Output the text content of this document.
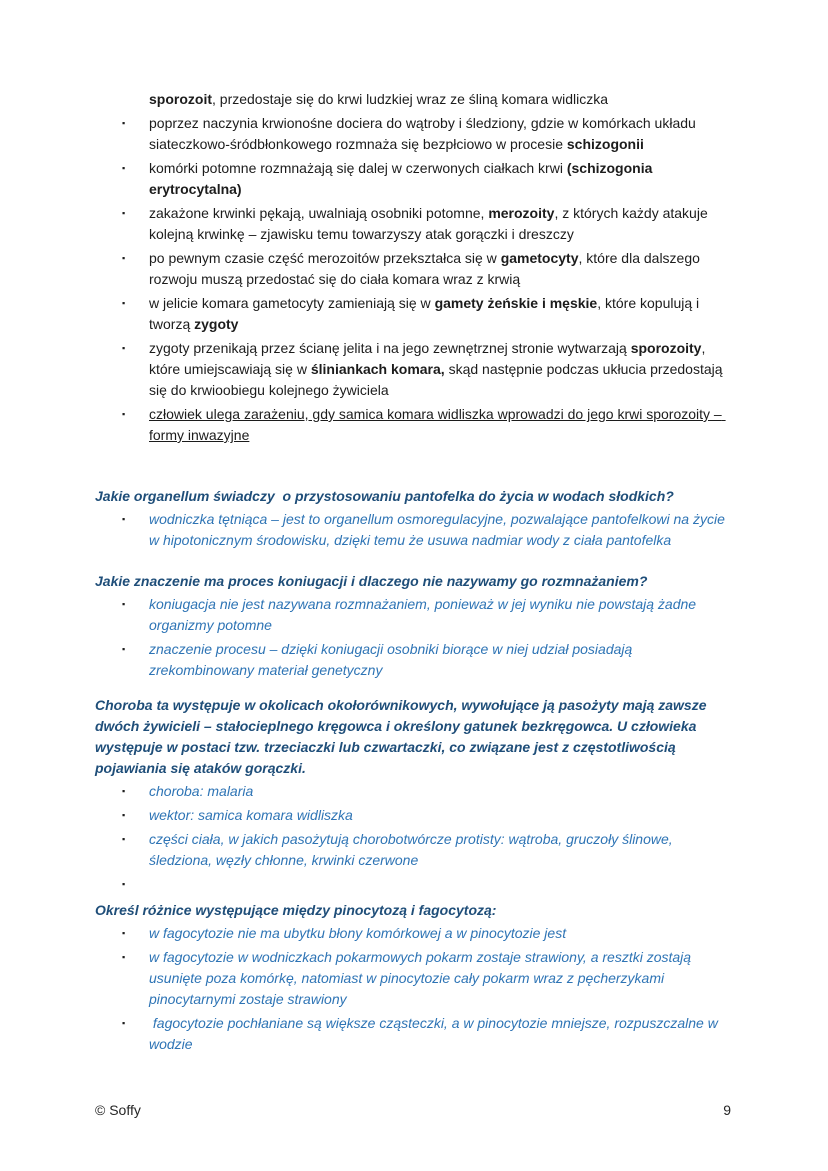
sporozoit, przedostaje się do krwi ludzkiej wraz ze śliną komara widliczka
▪	poprzez naczynia krwionośne dociera do wątroby i śledziony, gdzie w komórkach układu siateczkowo-śródbłonkowego rozmnaża się bezpłciowo w procesie schizogonii
▪	komórki potomne rozmnażają się dalej w czerwonych ciałkach krwi (schizogonia erytrocytalna)
▪	zakażone krwinki pękają, uwalniają osobniki potomne, merozoity, z których każdy atakuje kolejną krwinkę – zjawisku temu towarzyszy atak gorączki i dreszczy
▪	po pewnym czasie część merozoitów przekształca się w gametocyty, które dla dalszego rozwoju muszą przedostać się do ciała komara wraz z krwią
▪	w jelicie komara gametocyty zamieniają się w gamety żeńskie i męskie, które kopulują i tworzą zygoty
▪	zygoty przenikają przez ścianę jelita i na jego zewnętrznej stronie wytwarzają sporozoity, które umiejscawiają się w śliniankach komara, skąd następnie podczas ukłucia przedostają się do krwioobiegu kolejnego żywiciela
▪	człowiek ulega zarażeniu, gdy samica komara widliszka wprowadzi do jego krwi sporozoity – formy inwazyjne

Jakie organellum świadczy  o przystosowaniu pantofelka do życia w wodach słodkich?

▪	wodniczka tętniąca – jest to organellum osmoregulacyjne, pozwalające pantofelkowi na życie w hipotonicznym środowisku, dzięki temu że usuwa nadmiar wody z ciała pantofelka

Jakie znaczenie ma proces koniugacji i dlaczego nie nazywamy go rozmnażaniem?

▪	koniugacja nie jest nazywana rozmnażaniem, ponieważ w jej wyniku nie powstają żadne organizmy potomne
▪	znaczenie procesu – dzięki koniugacji osobniki biorące w niej udział posiadają zrekombinowany materiał genetyczny

Choroba ta występuje w okolicach okołorównikowych, wywołujące ją pasożyty mają zawsze dwóch żywicieli – stałocieplnego kręgowca i określony gatunek bezkręgowca. U człowieka występuje w postaci tzw. trzeciaczki lub czwartaczki, co związane jest z częstotliwością pojawiania się ataków gorączki.

▪	choroba: malaria
▪	wektor: samica komara widliszka
▪	części ciała, w jakich pasożytują chorobotwórcze protisty: wątroba, gruczoły ślinowe, śledziona, węzły chłonne, krwinki czerwone
▪

Określ różnice występujące między pinocytozą i fagocytozą:

▪	w fagocytozie nie ma ubytku błony komórkowej a w pinocytozie jest
▪	w fagocytozie w wodniczkach pokarmowych pokarm zostaje strawiony, a resztki zostają usunięte poza komórkę, natomiast w pinocytozie cały pokarm wraz z pęcherzykami pinocytarnymi zostaje strawiony
▪	fagocytozie pochłaniane są większe cząsteczki, a w pinocytozie mniejsze, rozpuszczalne w wodzie
© Soffy	9
